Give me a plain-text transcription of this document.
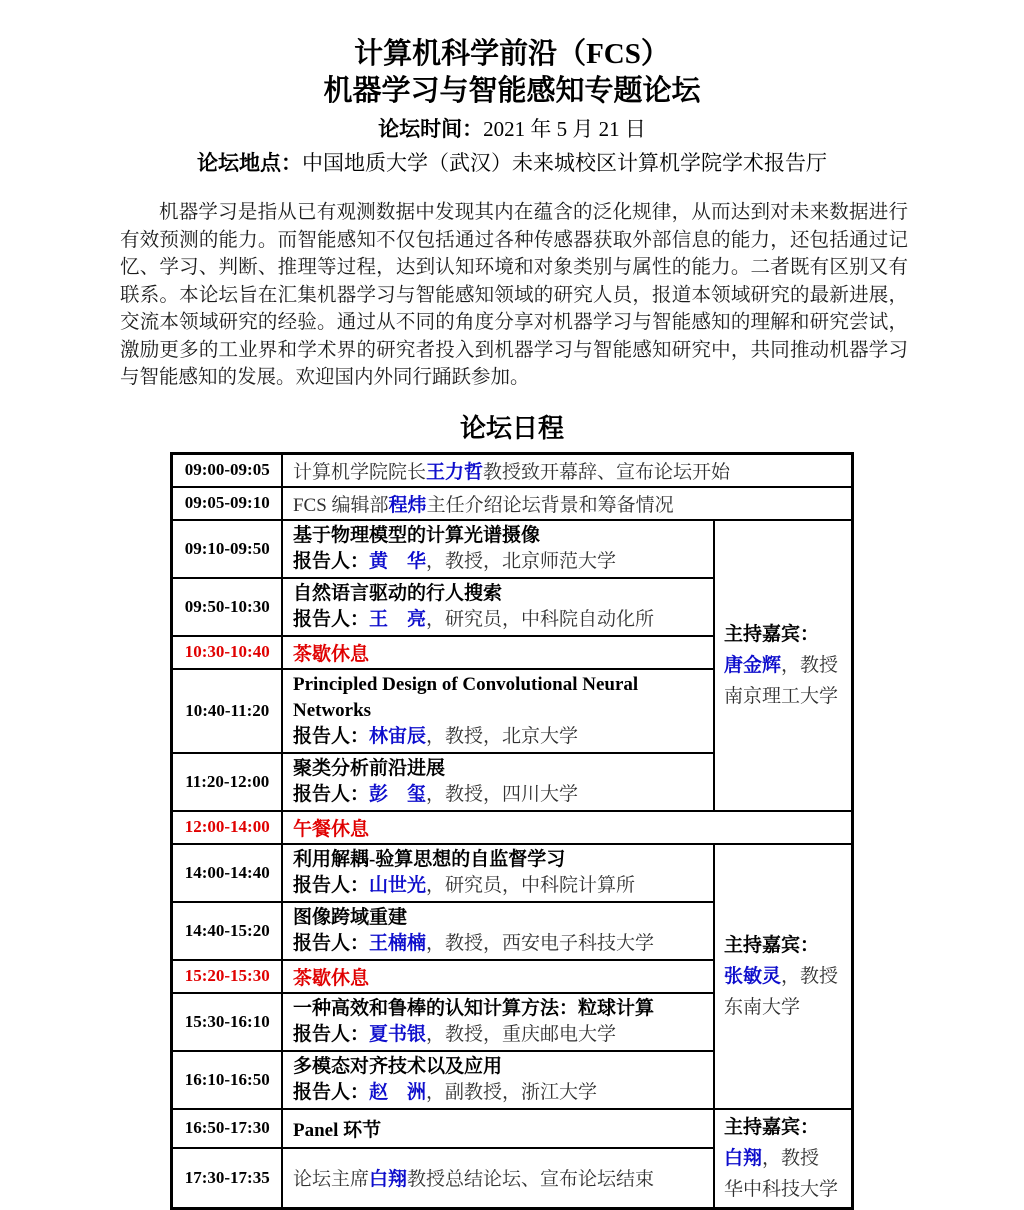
计算机科学前沿（FCS）
机器学习与智能感知专题论坛
论坛时间：2021 年 5 月 21 日
论坛地点：中国地质大学（武汉）未来城校区计算机学院学术报告厅

机器学习是指从已有观测数据中发现其内在蕴含的泛化规律，从而达到对未来数据进行有效预测的能力。而智能感知不仅包括通过各种传感器获取外部信息的能力，还包括通过记忆、学习、判断、推理等过程，达到认知环境和对象类别与属性的能力。二者既有区别又有联系。本论坛旨在汇集机器学习与智能感知领域的研究人员，报道本领域研究的最新进展，交流本领域研究的经验。通过从不同的角度分享对机器学习与智能感知的理解和研究尝试，激励更多的工业界和学术界的研究者投入到机器学习与智能感知研究中，共同推动机器学习与智能感知的发展。欢迎国内外同行踊跃参加。

论坛日程
09:00-09:05	计算机学院院长王力哲教授致开幕辞、宣布论坛开始	
09:05-09:10	FCS 编辑部程炜主任介绍论坛背景和筹备情况	
09:10-09:50	
基于物理模型的计算光谱摄像
报告人：黄　华，教授，北京师范大学

主持嘉宾：
唐金辉，教授
南京理工大学

09:50-10:30	自然语言驱动的行人搜索
报告人：王　亮，研究员，中科院自动化所	

10:30-10:40	茶歇休息	
10:40-11:20	Principled Design of Convolutional Neural Networks
报告人：林宙辰，教授，北京大学	

11:20-12:00	聚类分析前沿进展
报告人：彭　玺，教授，四川大学	

12:00-14:00	午餐休息	
14:00-14:40	
利用解耦-验算思想的自监督学习
报告人：山世光，研究员，中科院计算所

主持嘉宾：
张敏灵，教授
东南大学

14:40-15:20	图像跨域重建
报告人：王楠楠，教授，西安电子科技大学	

15:20-15:30	茶歇休息	
15:30-16:10	一种高效和鲁棒的认知计算方法：粒球计算
报告人：夏书银，教授，重庆邮电大学	

16:10-16:50	多模态对齐技术以及应用
报告人：赵　洲，副教授，浙江大学	

16:50-17:30	Panel 环节	主持嘉宾：
白翔，教授
华中科技大学

17:30-17:35	论坛主席白翔教授总结论坛、宣布论坛结束	
